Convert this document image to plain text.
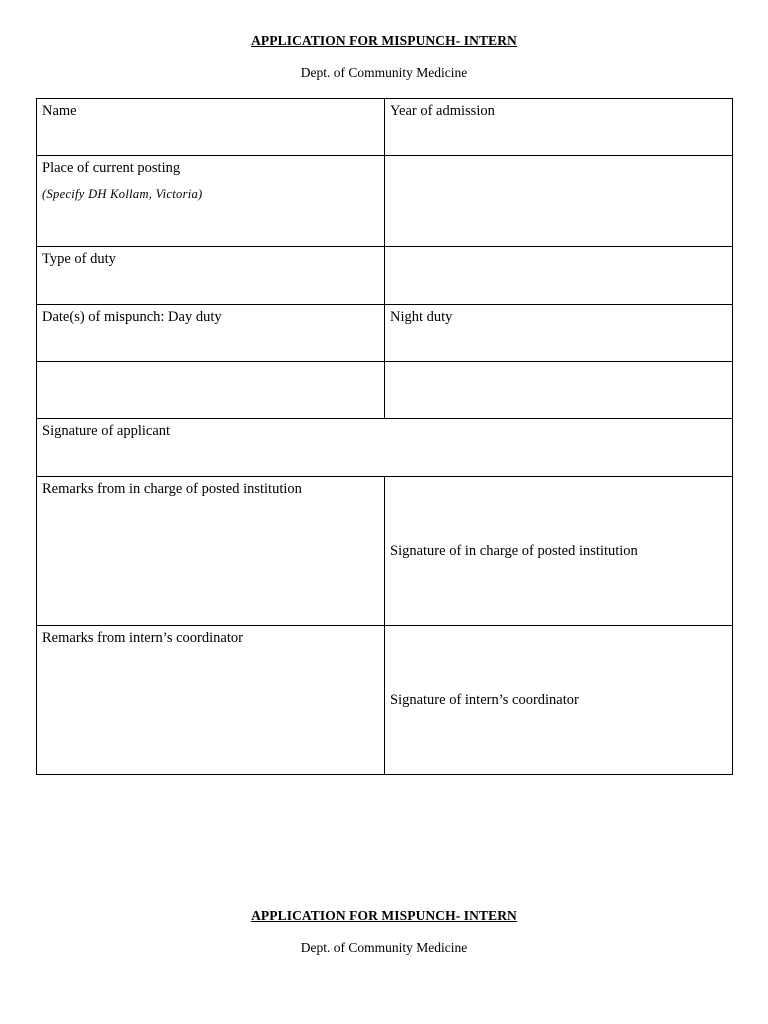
APPLICATION FOR MISPUNCH- INTERN
Dept. of Community Medicine
Name	Year of admission

Place of current posting
(Specify DH Kollam, Victoria)	

Type of duty	

Date(s) of mispunch: Day duty	Night duty

Signature of applicant	

Remarks from in charge of posted institution	Signature of in charge of posted institution

Remarks from intern’s coordinator	Signature of intern’s coordinator
APPLICATION FOR MISPUNCH- INTERN
Dept. of Community Medicine
